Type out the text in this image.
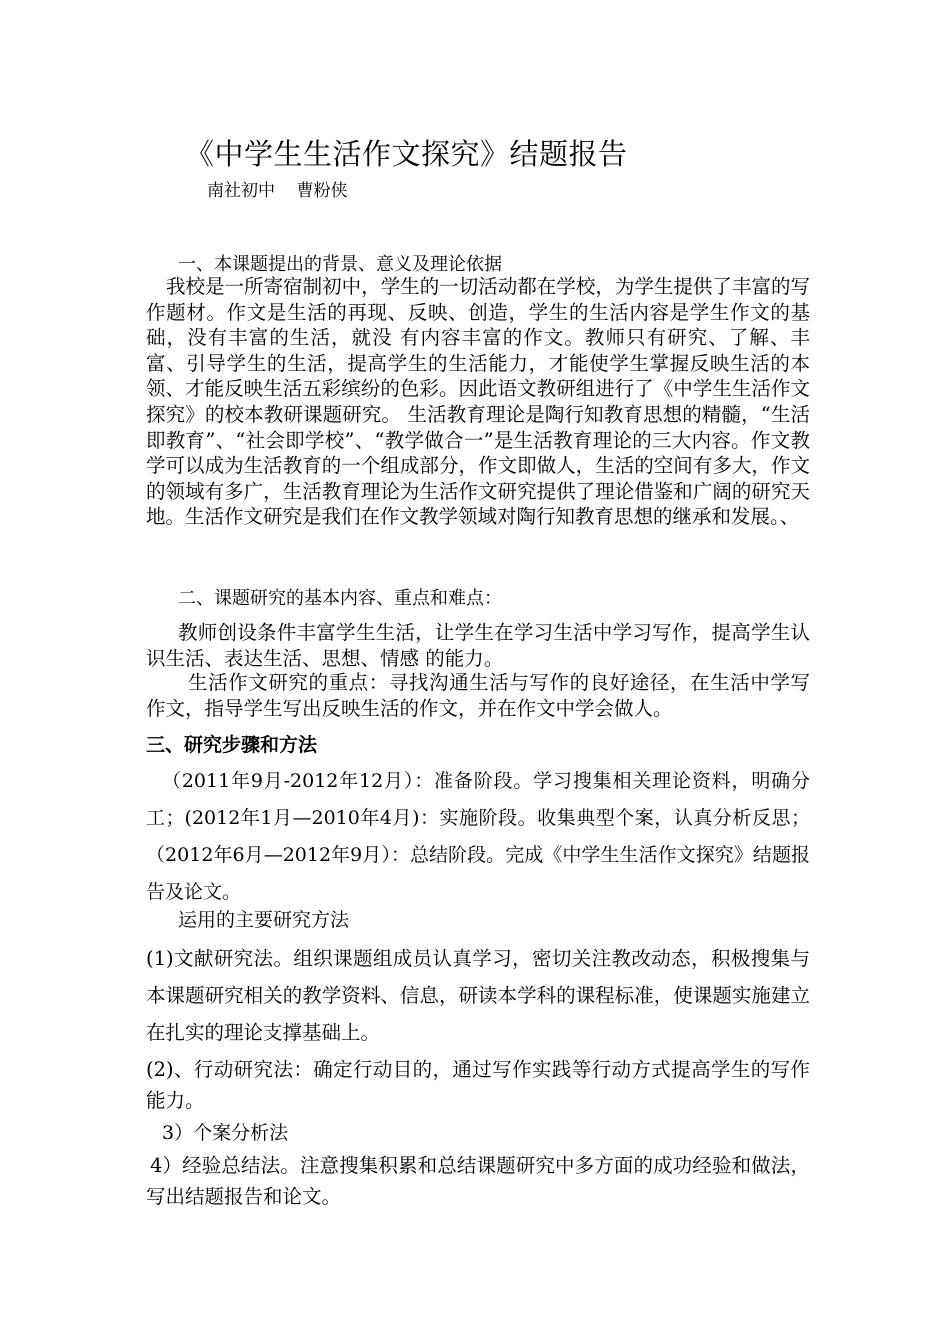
《中学生生活作文探究》结题报告
南社初中    曹粉侠
一、本课题提出的背景、意义及理论依据
我校是一所寄宿制初中，学生的一切活动都在学校，为学生提供了丰富的写作题材。作文是生活的再现、反映、创造，学生的生活内容是学生作文的基础，没有丰富的生活，就没 有内容丰富的作文。教师只有研究、了解、丰富、引导学生的生活，提高学生的生活能力，才能使学生掌握反映生活的本领、才能反映生活五彩缤纷的色彩。因此语文教研组进行了《中学生生活作文探究》的校本教研课题研究。 生活教育理论是陶行知教育思想的精髓，“生活即教育”、“社会即学校”、“教学做合一”是生活教育理论的三大内容。作文教学可以成为生活教育的一个组成部分，作文即做人，生活的空间有多大，作文的领域有多广，生活教育理论为生活作文研究提供了理论借鉴和广阔的研究天地。生活作文研究是我们在作文教学领域对陶行知教育思想的继承和发展。、
二、课题研究的基本内容、重点和难点：
教师创设条件丰富学生生活，让学生在学习生活中学习写作，提高学生认识生活、表达生活、思想、情感 的能力。
生活作文研究的重点：寻找沟通生活与写作的良好途径，在生活中学写作文，指导学生写出反映生活的作文，并在作文中学会做人。
三、研究步骤和方法
（2011年9月-2012年12月）：准备阶段。学习搜集相关理论资料，明确分工；(2012年1月—2010年4月)：实施阶段。收集典型个案，认真分析反思；（2012年6月—2012年9月）：总结阶段。完成《中学生生活作文探究》结题报告及论文。
运用的主要研究方法
(1)文献研究法。组织课题组成员认真学习，密切关注教改动态，积极搜集与本课题研究相关的教学资料、信息，研读本学科的课程标准，使课题实施建立在扎实的理论支撑基础上。
(2)、行动研究法：确定行动目的，通过写作实践等行动方式提高学生的写作能力。
3）个案分析法
4）经验总结法。注意搜集积累和总结课题研究中多方面的成功经验和做法，写出结题报告和论文。
